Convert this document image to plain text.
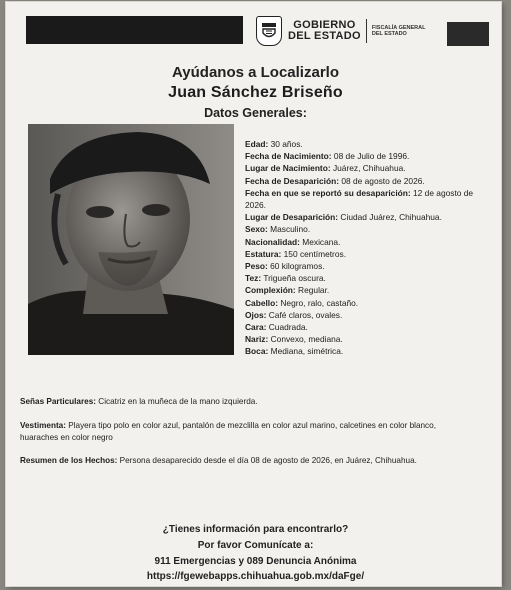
GOBIERNO
DEL ESTADO
FISCALÍA GENERAL
DEL ESTADO
Ayúdanos a Localizarlo
Juan Sánchez Briseño
Datos Generales:
Edad: 30 años.
Fecha de Nacimiento: 08 de Julio de 1996.
Lugar de Nacimiento: Juárez, Chihuahua.
Fecha de Desaparición: 08 de agosto de 2026.
Fecha en que se reportó su desaparición: 12 de agosto de 2026.
Lugar de Desaparición: Ciudad Juárez, Chihuahua.
Sexo: Masculino.
Nacionalidad: Mexicana.
Estatura: 150 centímetros.
Peso: 60 kilogramos.
Tez: Trigueña oscura.
Complexión: Regular.
Cabello: Negro, ralo, castaño.
Ojos: Café claros, ovales.
Cara: Cuadrada.
Nariz: Convexo, mediana.
Boca: Mediana, simétrica.
Señas Particulares: Cicatriz en la muñeca de la mano izquierda.
Vestimenta: Playera tipo polo en color azul, pantalón de mezclilla en color azul marino, calcetines en color blanco, huaraches en color negro
Resumen de los Hechos: Persona desaparecido desde el día 08 de agosto de 2026, en Juárez, Chihuahua.
¿Tienes información para encontrarlo?
Por favor Comunícate a:
911 Emergencias y 089 Denuncia Anónima
https://fgewebapps.chihuahua.gob.mx/daFge/
